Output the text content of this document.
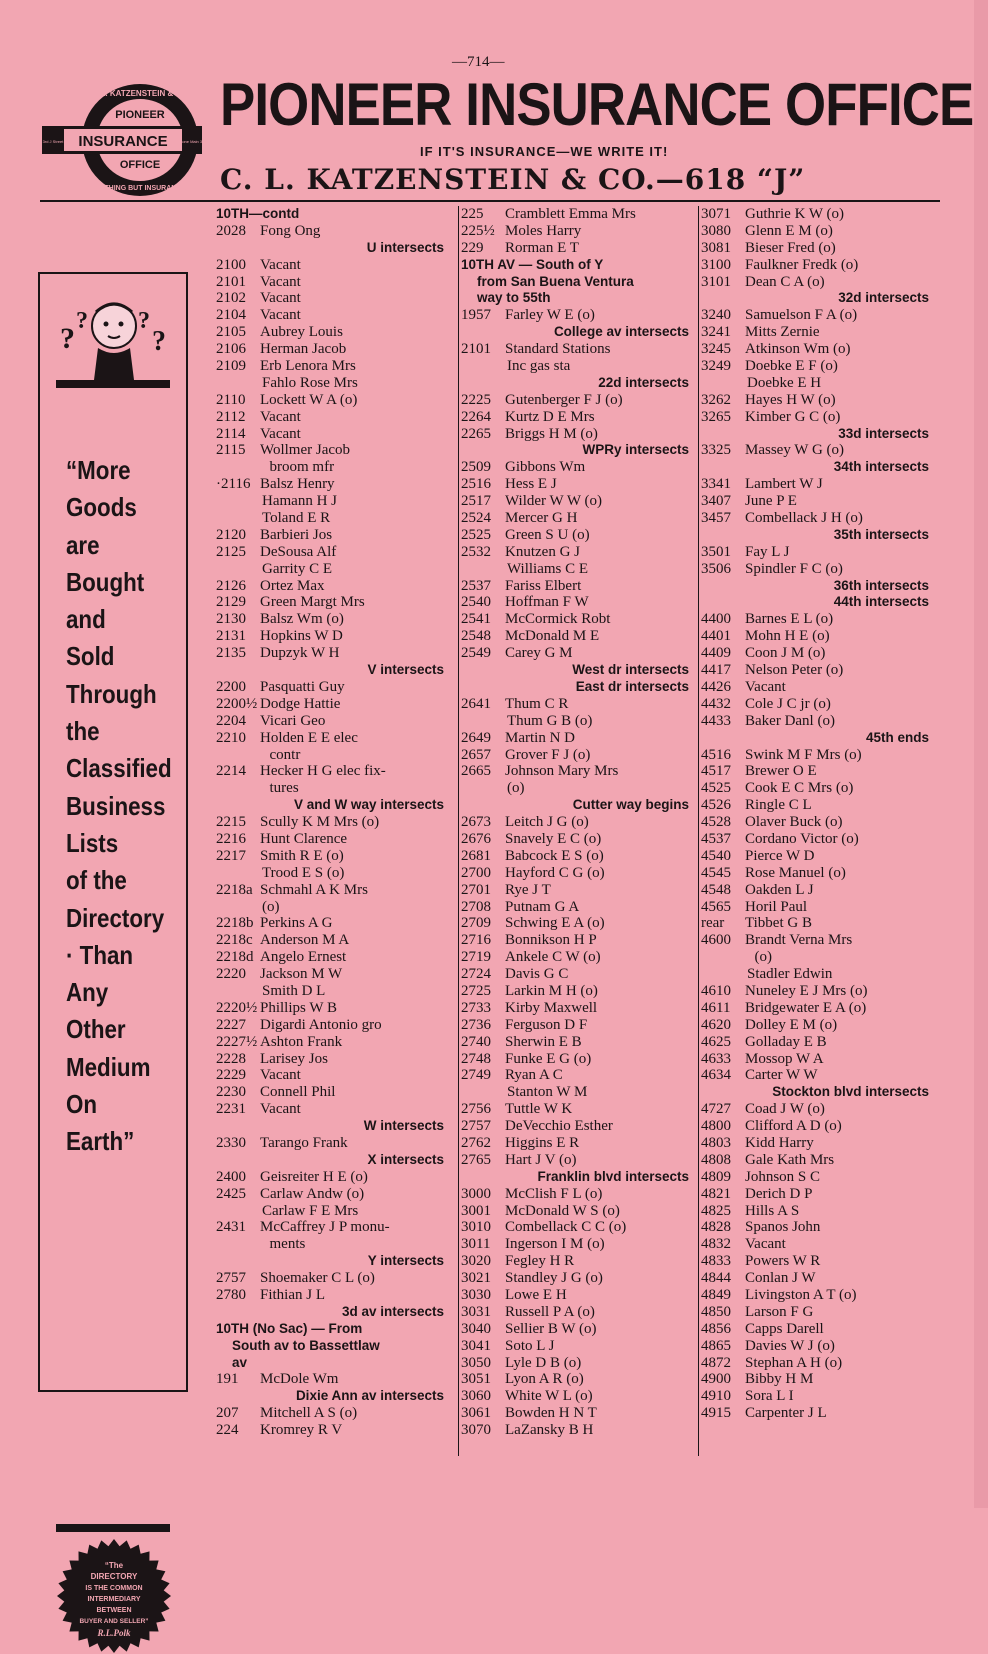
—714—
C. L. KATZENSTEIN & CO.
PIONEER
INSURANCE
OFFICE
NOTHING BUT INSURANCE
3rd J Street	Phone Main 368
PIONEER INSURANCE OFFICE
IF IT'S INSURANCE—WE WRITE IT!
C. L. KATZENSTEIN & CO.—618 “J”
?
? ?
?
“More
Goods
are
Bought
and
Sold
Through
the
Classified
Business
Lists
of the
Directory
· Than
Any
Other
Medium
On
Earth”
“The
DIRECTORY
IS THE COMMON
INTERMEDIARY
BETWEEN
BUYER AND SELLER”
R.L.Polk
10TH—contd
2028 Fong Ong
U intersects
2100 Vacant
2101 Vacant
2102 Vacant
2104 Vacant
2105 Aubrey Louis
2106 Herman Jacob
2109 Erb Lenora Mrs
Fahlo Rose Mrs
2110 Lockett W A (o)
2112 Vacant
2114 Vacant
2115 Wollmer Jacob
broom mfr
·2116 Balsz Henry
Hamann H J
Toland E R
2120 Barbieri Jos
2125 DeSousa Alf
Garrity C E
2126 Ortez Max
2129 Green Margt Mrs
2130 Balsz Wm (o)
2131 Hopkins W D
2135 Dupzyk W H
V intersects
2200 Pasquatti Guy
2200½ Dodge Hattie
2204 Vicari Geo
2210 Holden E E elec
contr
2214 Hecker H G elec fix-
tures
V and W way intersects
2215 Scully K M Mrs (o)
2216 Hunt Clarence
2217 Smith R E (o)
Trood E S (o)
2218a Schmahl A K Mrs
(o)
2218b Perkins A G
2218c Anderson M A
2218d Angelo Ernest
2220 Jackson M W
Smith D L
2220½ Phillips W B
2227 Digardi Antonio gro
2227½ Ashton Frank
2228 Larisey Jos
2229 Vacant
2230 Connell Phil
2231 Vacant
W intersects
2330 Tarango Frank
X intersects
2400 Geisreiter H E (o)
2425 Carlaw Andw (o)
Carlaw F E Mrs
2431 McCaffrey J P monu-
ments
Y intersects
2757 Shoemaker C L (o)
2780 Fithian J L
3d av intersects
10TH (No Sac) — From
South av to Bassettlaw
av
191 McDole Wm
Dixie Ann av intersects
207 Mitchell A S (o)
224 Kromrey R V
225 Cramblett Emma Mrs
225½ Moles Harry
229 Rorman E T
10TH AV — South of Y
from San Buena Ventura
way to 55th
1957 Farley W E (o)
College av intersects
2101 Standard Stations
Inc gas sta
22d intersects
2225 Gutenberger F J (o)
2264 Kurtz D E Mrs
2265 Briggs H M (o)
WPRy intersects
2509 Gibbons Wm
2516 Hess E J
2517 Wilder W W (o)
2524 Mercer G H
2525 Green S U (o)
2532 Knutzen G J
Williams C E
2537 Fariss Elbert
2540 Hoffman F W
2541 McCormick Robt
2548 McDonald M E
2549 Carey G M
West dr intersects
East dr intersects
2641 Thum C R
Thum G B (o)
2649 Martin N D
2657 Grover F J (o)
2665 Johnson Mary Mrs
(o)
Cutter way begins
2673 Leitch J G (o)
2676 Snavely E C (o)
2681 Babcock E S (o)
2700 Hayford C G (o)
2701 Rye J T
2708 Putnam G A
2709 Schwing E A (o)
2716 Bonnikson H P
2719 Ankele C W (o)
2724 Davis G C
2725 Larkin M H (o)
2733 Kirby Maxwell
2736 Ferguson D F
2740 Sherwin E B
2748 Funke E G (o)
2749 Ryan A C
Stanton W M
2756 Tuttle W K
2757 DeVecchio Esther
2762 Higgins E R
2765 Hart J V (o)
Franklin blvd intersects
3000 McClish F L (o)
3001 McDonald W S (o)
3010 Combellack C C (o)
3011 Ingerson I M (o)
3020 Fegley H R
3021 Standley J G (o)
3030 Lowe E H
3031 Russell P A (o)
3040 Sellier B W (o)
3041 Soto L J
3050 Lyle D B (o)
3051 Lyon A R (o)
3060 White W L (o)
3061 Bowden H N T
3070 LaZansky B H
3071 Guthrie K W (o)
3080 Glenn E M (o)
3081 Bieser Fred (o)
3100 Faulkner Fredk (o)
3101 Dean C A (o)
32d intersects
3240 Samuelson F A (o)
3241 Mitts Zernie
3245 Atkinson Wm (o)
3249 Doebke E F (o)
Doebke E H
3262 Hayes H W (o)
3265 Kimber G C (o)
33d intersects
3325 Massey W G (o)
34th intersects
3341 Lambert W J
3407 June P E
3457 Combellack J H (o)
35th intersects
3501 Fay L J
3506 Spindler F C (o)
36th intersects
44th intersects
4400 Barnes E L (o)
4401 Mohn H E (o)
4409 Coon J M (o)
4417 Nelson Peter (o)
4426 Vacant
4432 Cole J C jr (o)
4433 Baker Danl (o)
45th ends
4516 Swink M F Mrs (o)
4517 Brewer O E
4525 Cook E C Mrs (o)
4526 Ringle C L
4528 Olaver Buck (o)
4537 Cordano Victor (o)
4540 Pierce W D
4545 Rose Manuel (o)
4548 Oakden L J
4565 Horil Paul
rear Tibbet G B
4600 Brandt Verna Mrs
(o)
Stadler Edwin
4610 Nuneley E J Mrs (o)
4611 Bridgewater E A (o)
4620 Dolley E M (o)
4625 Golladay E B
4633 Mossop W A
4634 Carter W W
Stockton blvd intersects
4727 Coad J W (o)
4800 Clifford A D (o)
4803 Kidd Harry
4808 Gale Kath Mrs
4809 Johnson S C
4821 Derich D P
4825 Hills A S
4828 Spanos John
4832 Vacant
4833 Powers W R
4844 Conlan J W
4849 Livingston A T (o)
4850 Larson F G
4856 Capps Darell
4865 Davies W J (o)
4872 Stephan A H (o)
4900 Bibby H M
4910 Sora L I
4915 Carpenter J L
